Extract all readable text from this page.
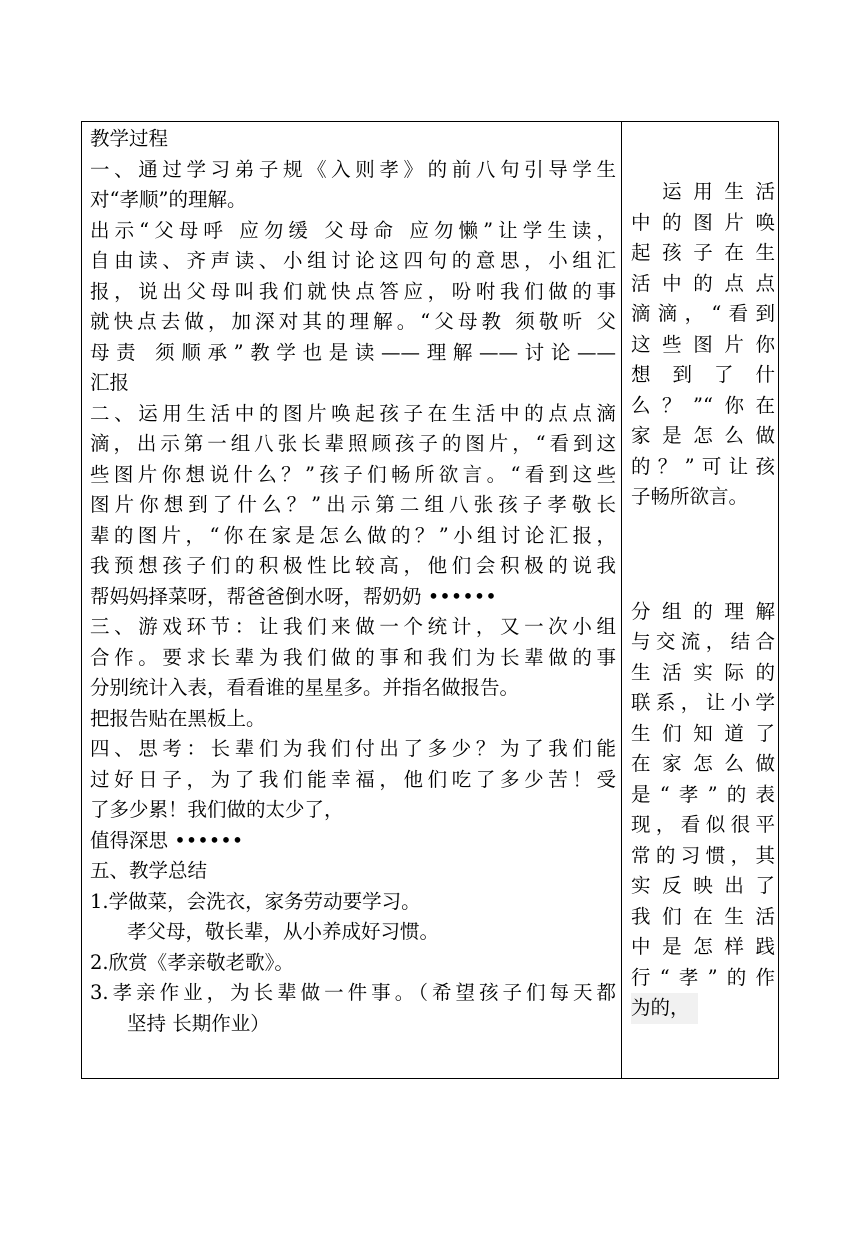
教学过程
一、通过学习弟子规《入则孝》的前八句引导学生
对“孝顺”的理解。
出示“父母呼 应勿缓 父母命 应勿懒”让学生读，
自由读、齐声读、小组讨论这四句的意思，小组汇
报，说出父母叫我们就快点答应，吩咐我们做的事
就快点去做，加深对其的理解。“父母教 须敬听 父
母责 须顺承”教学也是读——理解——讨论——
汇报
二、运用生活中的图片唤起孩子在生活中的点点滴
滴，出示第一组八张长辈照顾孩子的图片，“看到这
些图片你想说什么？”孩子们畅所欲言。“看到这些
图片你想到了什么？”出示第二组八张孩子孝敬长
辈的图片，“你在家是怎么做的？”小组讨论汇报，
我预想孩子们的积极性比较高，他们会积极的说我
帮妈妈择菜呀，帮爸爸倒水呀，帮奶奶 ••••••
三、游戏环节：让我们来做一个统计，又一次小组
合作。要求长辈为我们做的事和我们为长辈做的事
分别统计入表，看看谁的星星多。并指名做报告。
把报告贴在黑板上。
四、思考：长辈们为我们付出了多少？为了我们能
过好日子，为了我们能幸福，他们吃了多少苦！受
了多少累！我们做的太少了，
值得深思 ••••••
五、教学总结
1.学做菜，会洗衣，家务劳动要学习。
孝父母，敬长辈，从小养成好习惯。
2.欣赏《孝亲敬老歌》。
3.孝亲作业，为长辈做一件事。（希望孩子们每天都
坚持 长期作业）
　运用生活
中的图片唤
起孩子在生
活中的点点
滴滴，“看到
这些图片你
想到了什
么？”“你在
家是怎么做
的？”可让孩
子畅所欲言。
分组的理解
与交流，结合
生活实际的
联系，让小学
生们知道了
在家怎么做
是“孝”的表
现，看似很平
常的习惯，其
实反映出了
我们在生活
中是怎样践
行“孝”的作
为的，
